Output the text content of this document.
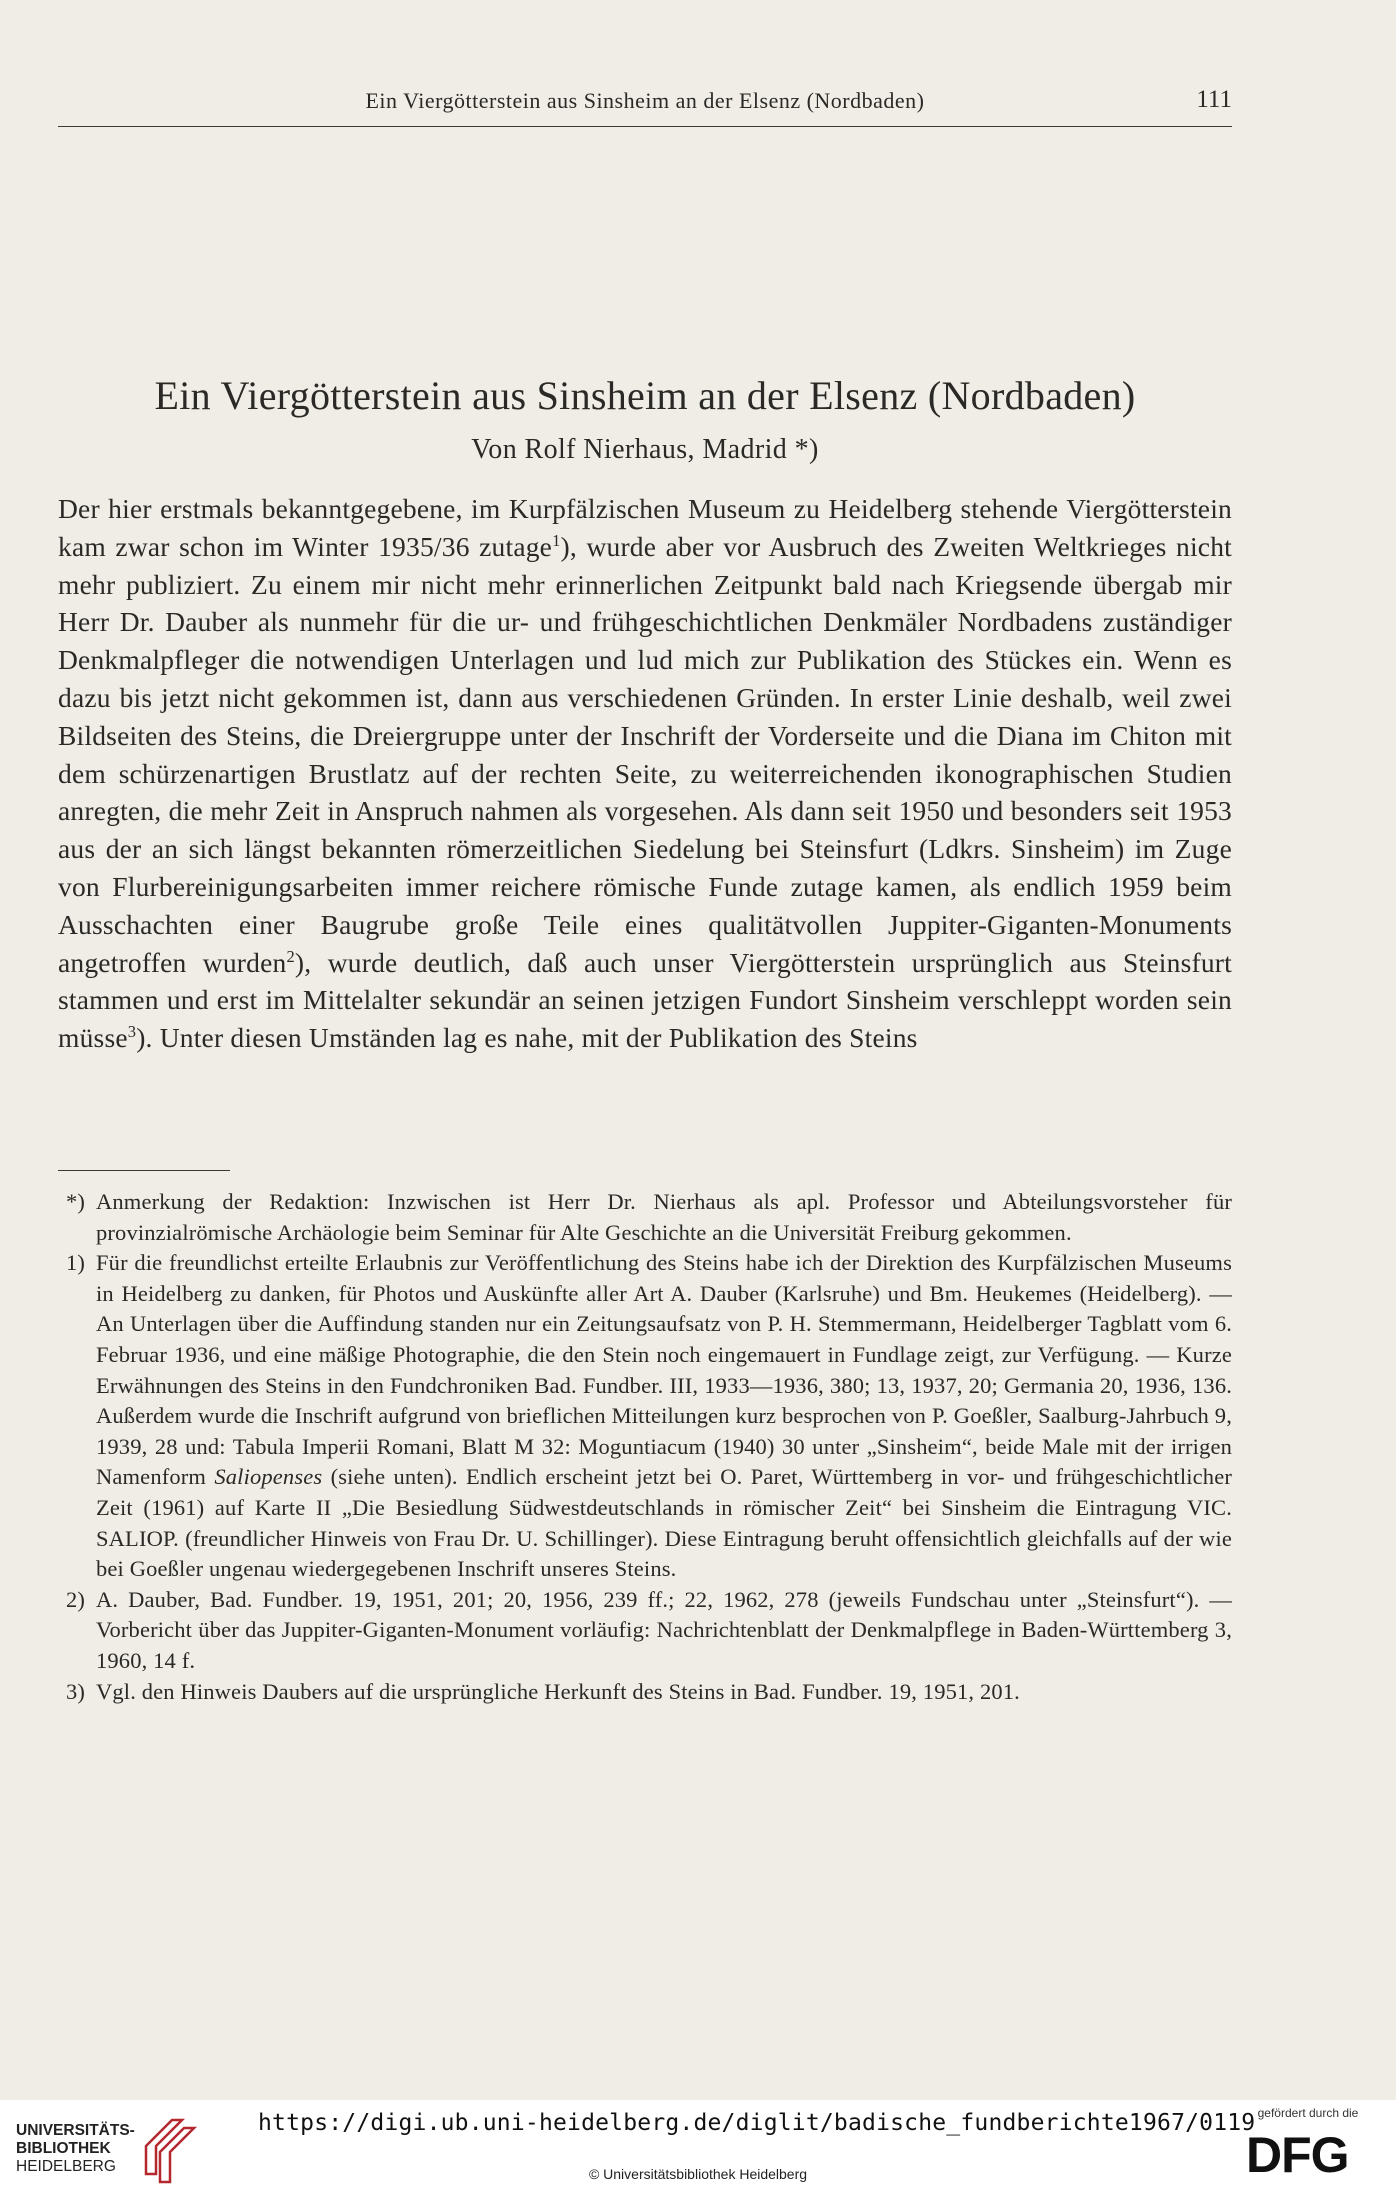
Ein Viergötterstein aus Sinsheim an der Elsenz (Nordbaden)	111
Ein Viergötterstein aus Sinsheim an der Elsenz (Nordbaden)
Von Rolf Nierhaus, Madrid *)

Der hier erstmals bekanntgegebene, im Kurpfälzischen Museum zu Heidelberg stehende Viergötterstein kam zwar schon im Winter 1935/36 zutage$^1$), wurde aber vor Ausbruch des Zweiten Weltkrieges nicht mehr publiziert. Zu einem mir nicht mehr erinnerlichen Zeitpunkt bald nach Kriegsende übergab mir Herr Dr. Dauber als nunmehr für die ur- und frühgeschichtlichen Denkmäler Nordbadens zuständiger Denkmalpfleger die notwendigen Unterlagen und lud mich zur Publikation des Stückes ein. Wenn es dazu bis jetzt nicht gekommen ist, dann aus verschiedenen Gründen. In erster Linie deshalb, weil zwei Bildseiten des Steins, die Dreiergruppe unter der Inschrift der Vorderseite und die Diana im Chiton mit dem schürzenartigen Brustlatz auf der rechten Seite, zu weiterreichenden ikonographischen Studien anregten, die mehr Zeit in Anspruch nahmen als vorgesehen. Als dann seit 1950 und besonders seit 1953 aus der an sich längst bekannten römerzeitlichen Siedelung bei Steinsfurt (Ldkrs. Sinsheim) im Zuge von Flurbereinigungsarbeiten immer reichere römische Funde zutage kamen, als endlich 1959 beim Ausschachten einer Baugrube große Teile eines qualitätvollen Juppiter-Giganten-Monuments angetroffen wurden$^2$), wurde deutlich, daß auch unser Viergötterstein ursprünglich aus Steinsfurt stammen und erst im Mittelalter sekundär an seinen jetzigen Fundort Sinsheim verschleppt worden sein müsse$^3$). Unter diesen Umständen lag es nahe, mit der Publikation des Steins

*) Anmerkung der Redaktion: Inzwischen ist Herr Dr. Nierhaus als apl. Professor und Abteilungsvorsteher für provinzialrömische Archäologie beim Seminar für Alte Geschichte an die Universität Freiburg gekommen.
1) Für die freundlichst erteilte Erlaubnis zur Veröffentlichung des Steins habe ich der Direktion des Kurpfälzischen Museums in Heidelberg zu danken, für Photos und Auskünfte aller Art A. Dauber (Karlsruhe) und Bm. Heukemes (Heidelberg). — An Unterlagen über die Auffindung standen nur ein Zeitungsaufsatz von P. H. Stemmermann, Heidelberger Tagblatt vom 6. Februar 1936, und eine mäßige Photographie, die den Stein noch eingemauert in Fundlage zeigt, zur Verfügung. — Kurze Erwähnungen des Steins in den Fundchroniken Bad. Fundber. III, 1933—1936, 380; 13, 1937, 20; Germania 20, 1936, 136. Außerdem wurde die Inschrift aufgrund von brieflichen Mitteilungen kurz besprochen von P. Goeßler, Saalburg-Jahrbuch 9, 1939, 28 und: Tabula Imperii Romani, Blatt M 32: Moguntiacum (1940) 30 unter „Sinsheim“, beide Male mit der irrigen Namenform Saliopenses (siehe unten). Endlich erscheint jetzt bei O. Paret, Württemberg in vor- und frühgeschichtlicher Zeit (1961) auf Karte II „Die Besiedlung Südwestdeutschlands in römischer Zeit“ bei Sinsheim die Eintragung VIC. SALIOP. (freundlicher Hinweis von Frau Dr. U. Schillinger). Diese Eintragung beruht offensichtlich gleichfalls auf der wie bei Goeßler ungenau wiedergegebenen Inschrift unseres Steins.
2) A. Dauber, Bad. Fundber. 19, 1951, 201; 20, 1956, 239 ff.; 22, 1962, 278 (jeweils Fundschau unter „Steinsfurt“). — Vorbericht über das Juppiter-Giganten-Monument vorläufig: Nachrichtenblatt der Denkmalpflege in Baden-Württemberg 3, 1960, 14 f.
3) Vgl. den Hinweis Daubers auf die ursprüngliche Herkunft des Steins in Bad. Fundber. 19, 1951, 201.
UNIVERSITÄTS-
BIBLIOTHEK
HEIDELBERG
https://digi.ub.uni-heidelberg.de/diglit/badische_fundberichte1967/0119
© Universitätsbibliothek Heidelberg
gefördert durch die
DFG
